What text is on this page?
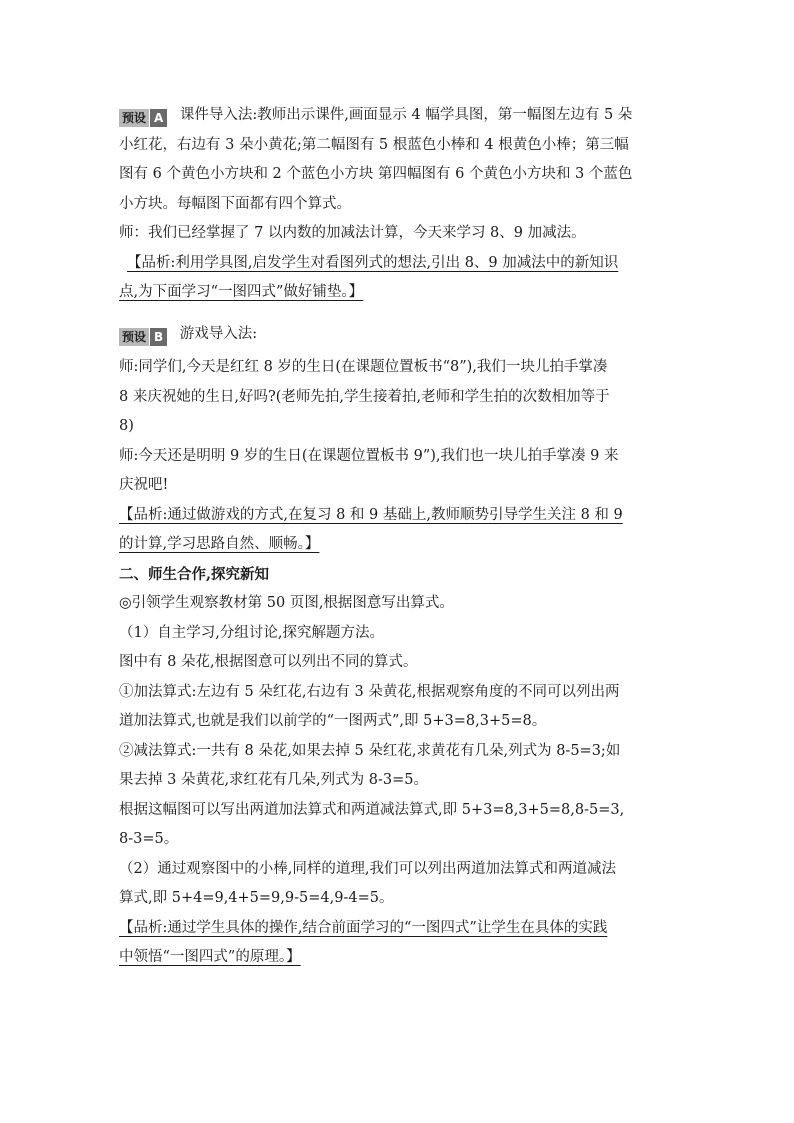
预设 A 课件导入法:教师出示课件,画面显示 4 幅学具图，第一幅图左边有 5 朵
小红花，右边有 3 朵小黄花;第二幅图有 5 根蓝色小棒和 4 根黄色小棒；第三幅
图有 6 个黄色小方块和 2 个蓝色小方块 第四幅图有 6 个黄色小方块和 3 个蓝色
小方块。每幅图下面都有四个算式。
师：我们已经掌握了 7 以内数的加减法计算，今天来学习 8、9 加减法。
【品析:利用学具图,启发学生对看图列式的想法,引出 8、9 加减法中的新知识
点,为下面学习“一图四式”做好铺垫。】
预设 B 游戏导入法:
师:同学们,今天是红红 8 岁的生日(在课题位置板书“8”),我们一块儿拍手掌凑
8 来庆祝她的生日,好吗?(老师先拍,学生接着拍,老师和学生拍的次数相加等于
8)
师:今天还是明明 9 岁的生日(在课题位置板书 9”),我们也一块儿拍手掌凑 9 来
庆祝吧!
【品析:通过做游戏的方式,在复习 8 和 9 基础上,教师顺势引导学生关注 8 和 9
的计算,学习思路自然、顺畅。】
二、师生合作,探究新知
◎引领学生观察教材第 50 页图,根据图意写出算式。
（1）自主学习,分组讨论,探究解题方法。
图中有 8 朵花,根据图意可以列出不同的算式。
①加法算式:左边有 5 朵红花,右边有 3 朵黄花,根据观察角度的不同可以列出两
道加法算式,也就是我们以前学的“一图两式”,即 5+3=8,3+5=8。
②减法算式:一共有 8 朵花,如果去掉 5 朵红花,求黄花有几朵,列式为 8-5=3;如
果去掉 3 朵黄花,求红花有几朵,列式为 8-3=5。
根据这幅图可以写出两道加法算式和两道减法算式,即 5+3=8,3+5=8,8-5=3,
8-3=5。
（2）通过观察图中的小棒,同样的道理,我们可以列出两道加法算式和两道减法
算式,即 5+4=9,4+5=9,9-5=4,9-4=5。
【品析:通过学生具体的操作,结合前面学习的“一图四式”让学生在具体的实践
中领悟“一图四式”的原理。】
